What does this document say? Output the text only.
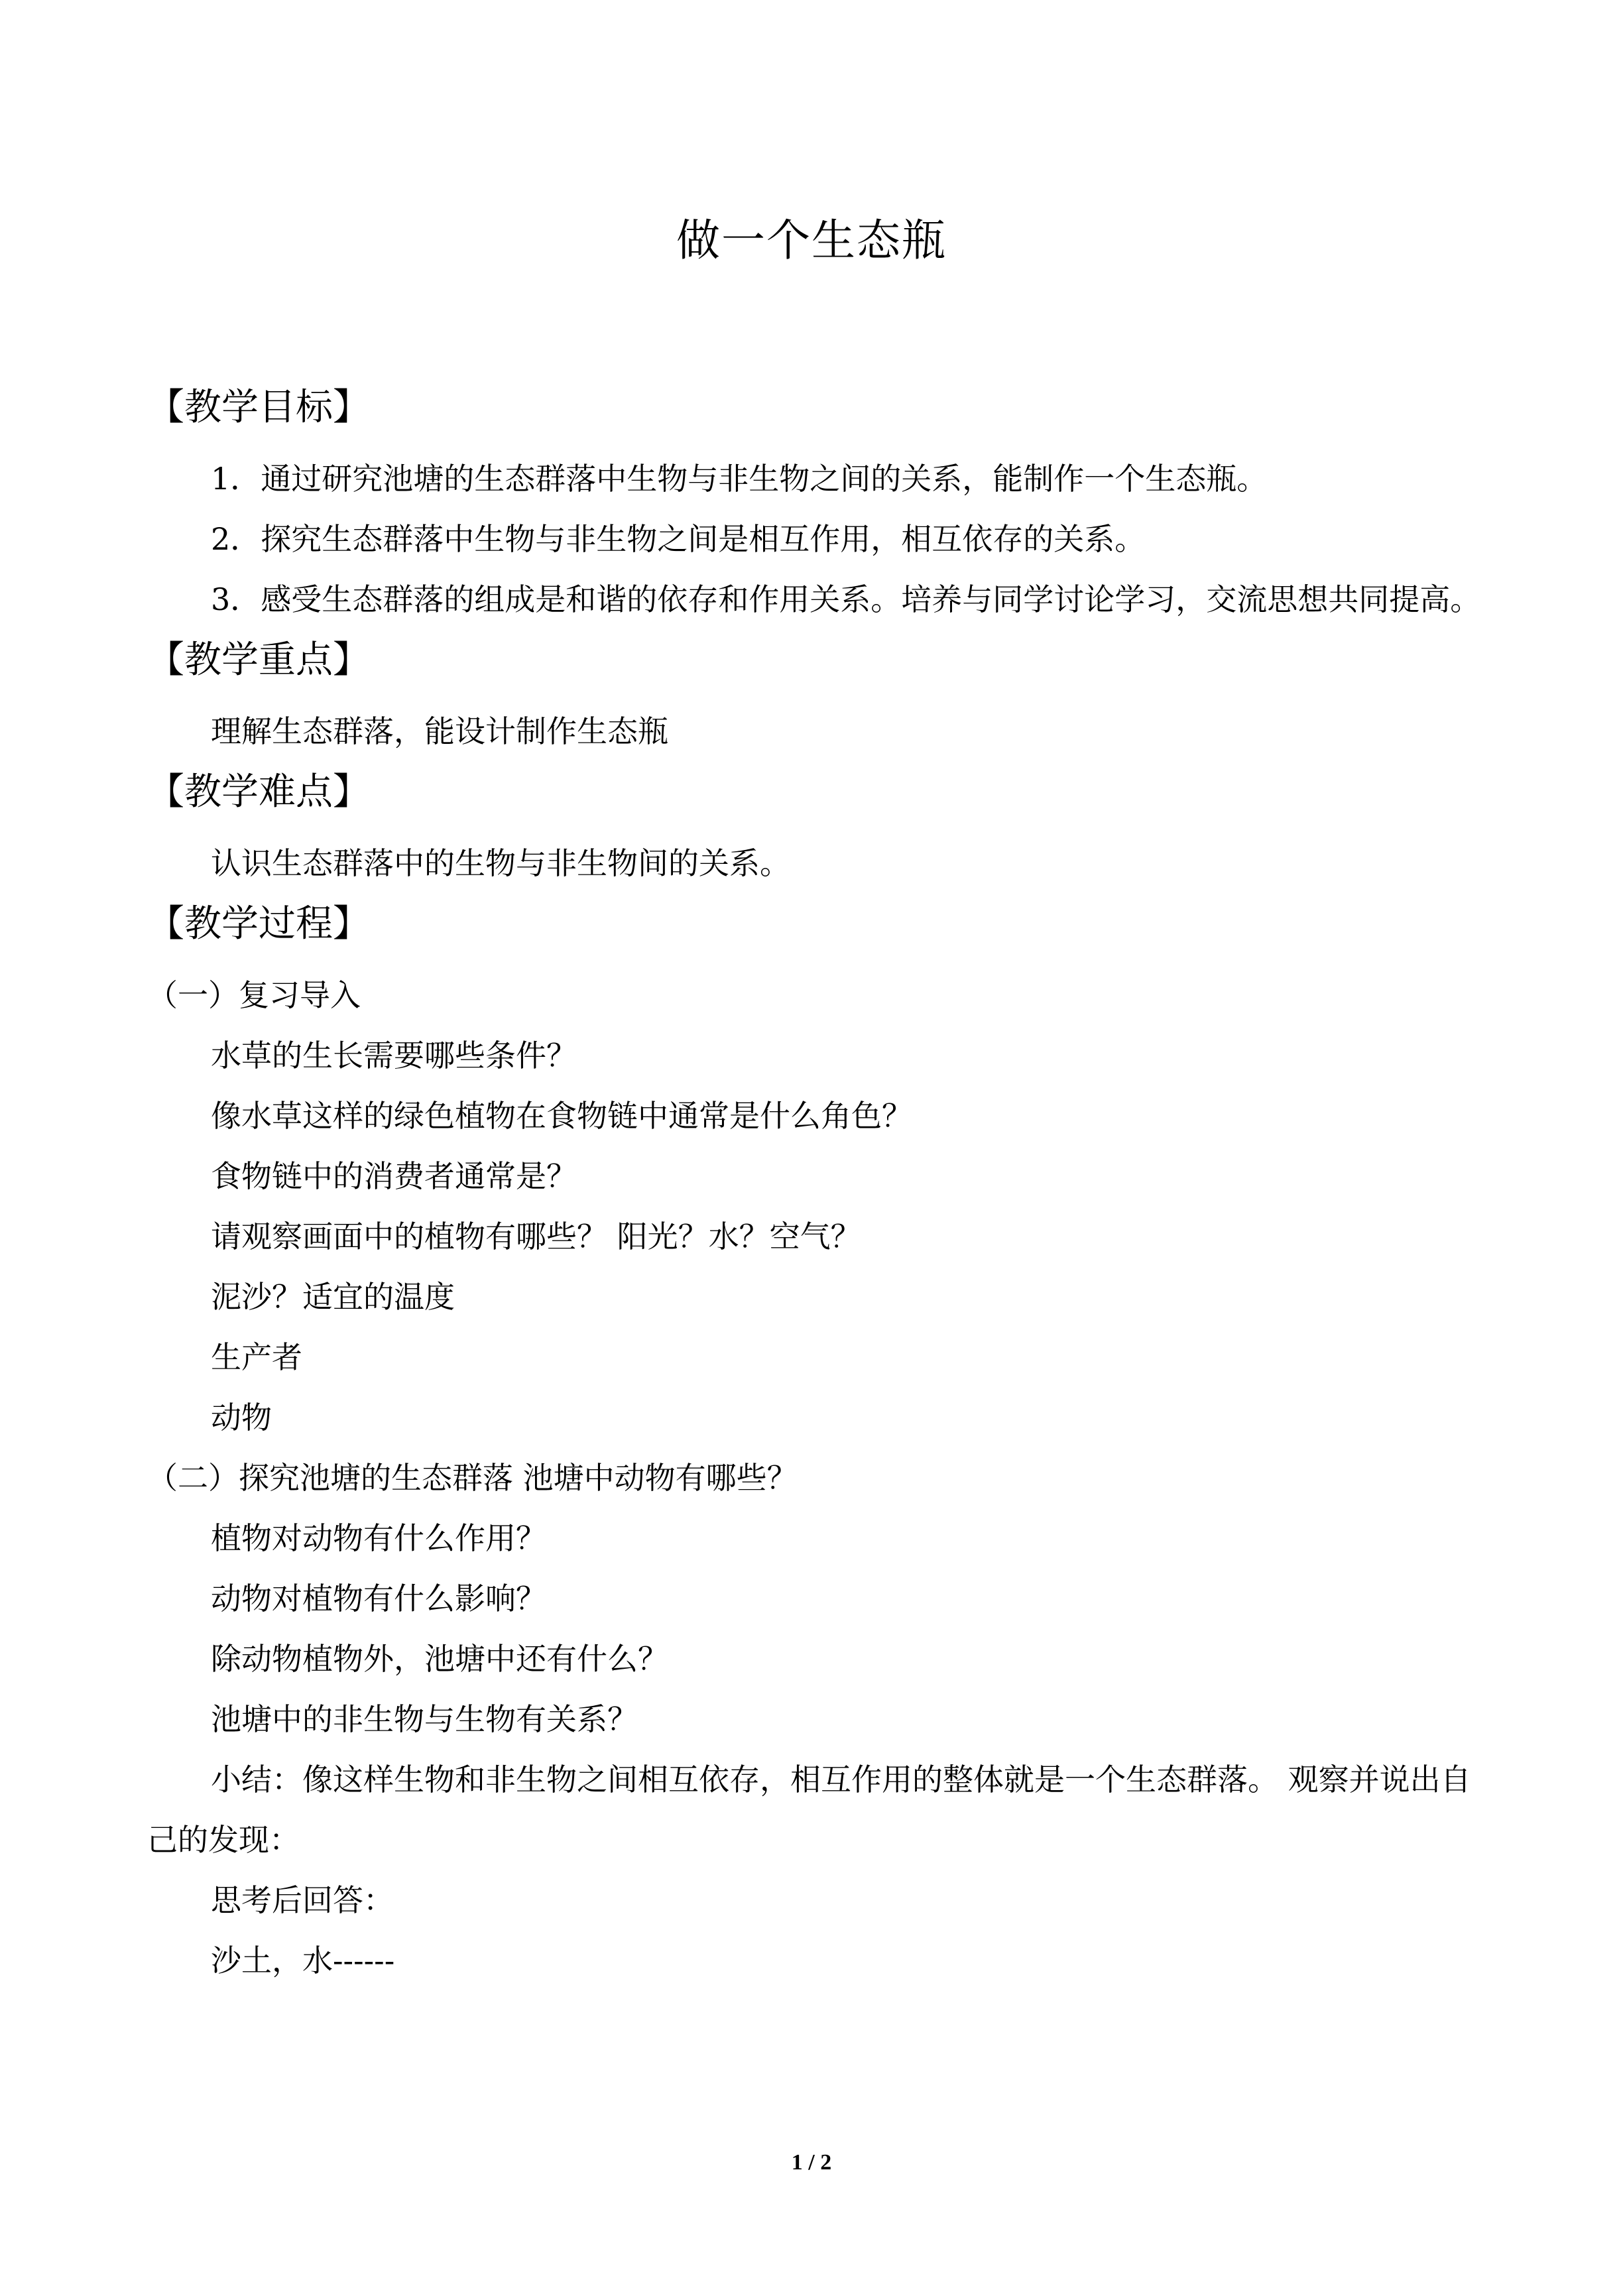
做一个生态瓶

【教学目标】

1．通过研究池塘的生态群落中生物与非生物之间的关系，能制作一个生态瓶。

2．探究生态群落中生物与非生物之间是相互作用，相互依存的关系。

3．感受生态群落的组成是和谐的依存和作用关系。培养与同学讨论学习，交流思想共同提高。

【教学重点】

理解生态群落，能设计制作生态瓶

【教学难点】

认识生态群落中的生物与非生物间的关系。

【教学过程】

（一）复习导入

水草的生长需要哪些条件？

像水草这样的绿色植物在食物链中通常是什么角色？

食物链中的消费者通常是？

请观察画面中的植物有哪些？ 阳光？水？空气？

泥沙？适宜的温度

生产者

动物

（二）探究池塘的生态群落 池塘中动物有哪些？

植物对动物有什么作用？

动物对植物有什么影响？

除动物植物外，池塘中还有什么？

池塘中的非生物与生物有关系？

小结：像这样生物和非生物之间相互依存，相互作用的整体就是一个生态群落。 观察并说出自己的发现：

思考后回答：

沙土，水------

1 / 2
